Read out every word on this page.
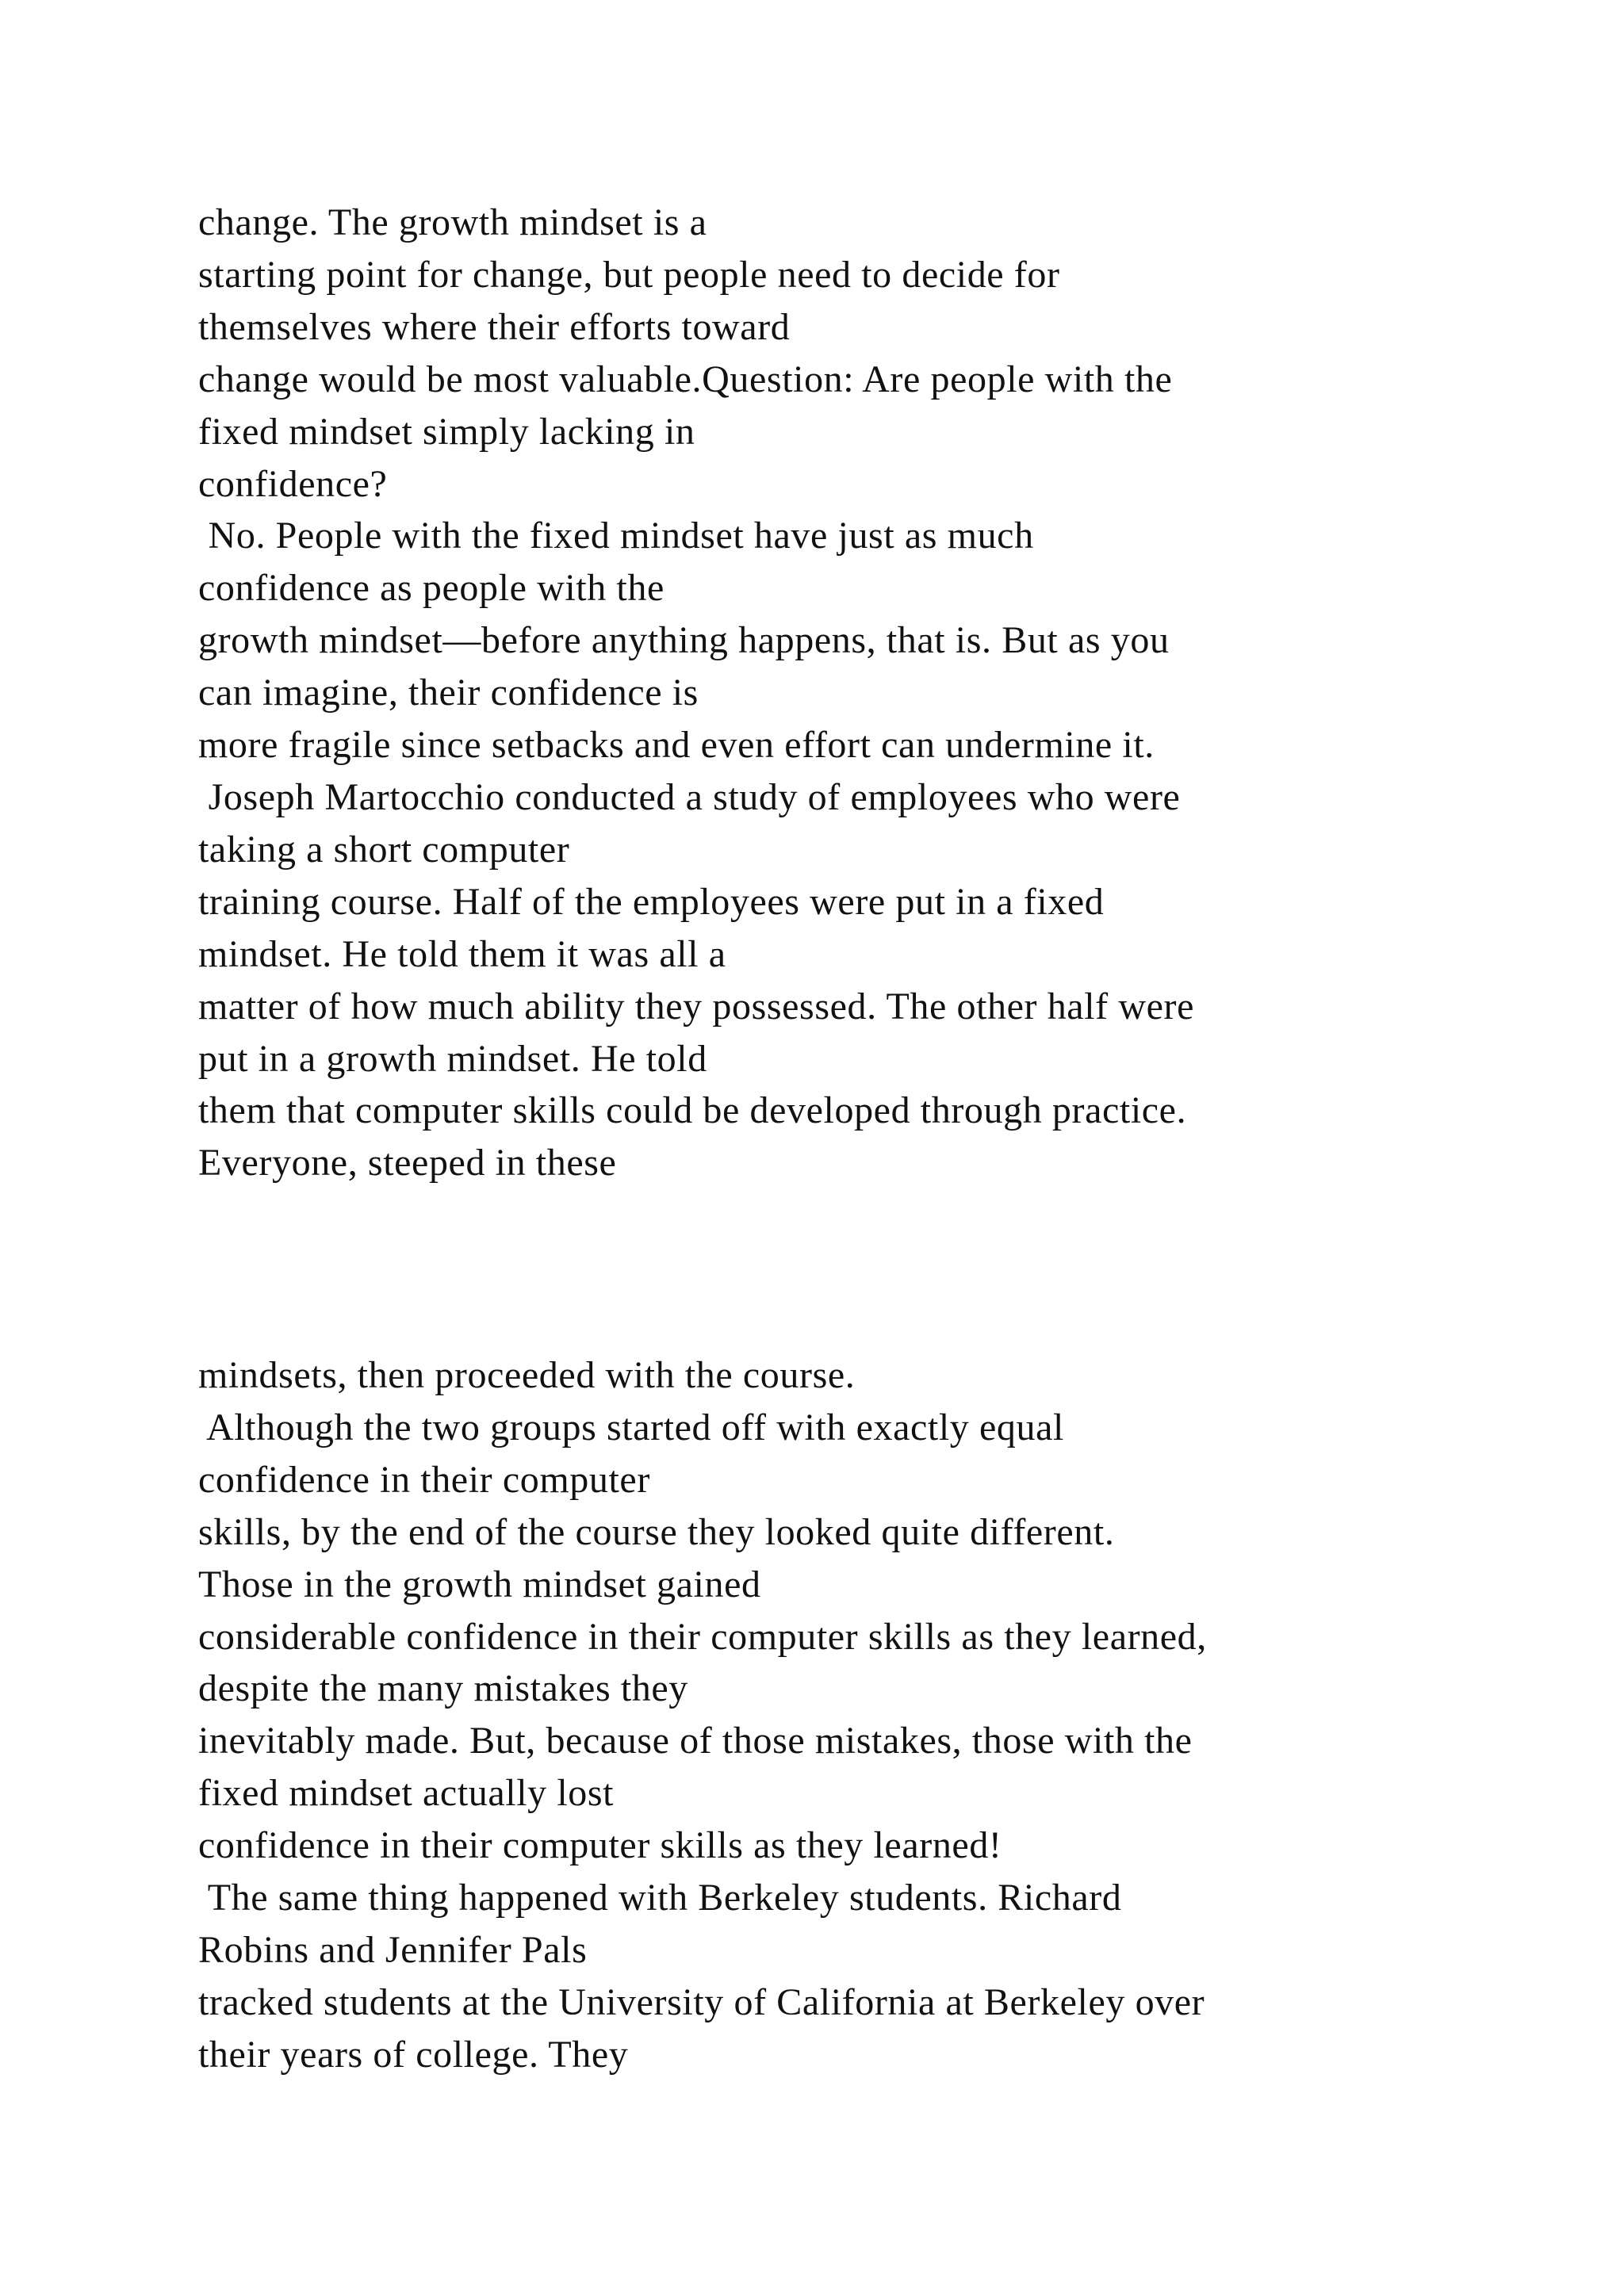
change. The growth mindset is a
starting point for change, but people need to decide for
themselves where their efforts toward
change would be most valuable.Question: Are people with the
fixed mindset simply lacking in
confidence?
No. People with the fixed mindset have just as much
confidence as people with the
growth mindset—before anything happens, that is. But as you
can imagine, their confidence is
more fragile since setbacks and even effort can undermine it.
Joseph Martocchio conducted a study of employees who were
taking a short computer
training course. Half of the employees were put in a fixed
mindset. He told them it was all a
matter of how much ability they possessed. The other half were
put in a growth mindset. He told
them that computer skills could be developed through practice.
Everyone, steeped in these
mindsets, then proceeded with the course.
Although the two groups started off with exactly equal
confidence in their computer
skills, by the end of the course they looked quite different.
Those in the growth mindset gained
considerable confidence in their computer skills as they learned,
despite the many mistakes they
inevitably made. But, because of those mistakes, those with the
fixed mindset actually lost
confidence in their computer skills as they learned!
The same thing happened with Berkeley students. Richard
Robins and Jennifer Pals
tracked students at the University of California at Berkeley over
their years of college. They
